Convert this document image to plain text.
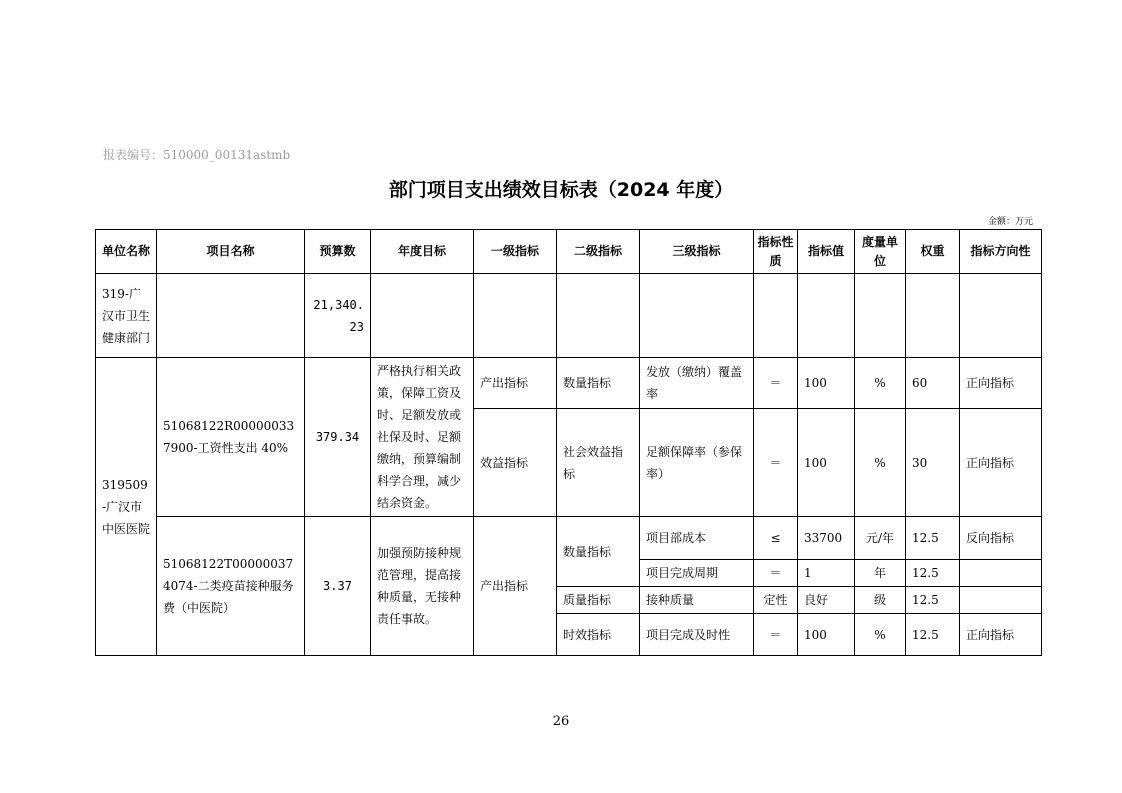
报表编号：510000_00131astmb
部门项目支出绩效目标表（2024 年度）
金额：万元
单位名称	项目名称	预算数	年度目标	一级指标	二级指标	三级指标	指标性质	指标值	度量单位	权重	指标方向性
319-广汉市卫生健康部门		21,340.23									
319509-广汉市中医医院	51068122R000000337900-工资性支出 40%	379.34	严格执行相关政策，保障工资及时、足额发放或社保及时、足额缴纳，预算编制科学合理，减少结余资金。	产出指标	数量指标	发放（缴纳）覆盖率	＝	100	%	60	正向指标
				效益指标	社会效益指标	足额保障率（参保率）	＝	100	%	30	正向指标
	51068122T000000374074-二类疫苗接种服务费（中医院）	3.37	加强预防接种规范管理，提高接种质量，无接种责任事故。	产出指标	数量指标	项目部成本	≤	33700	元/年	12.5	反向指标
						项目完成周期	＝	1	年	12.5	
					质量指标	接种质量	定性	良好	级	12.5	
					时效指标	项目完成及时性	＝	100	%	12.5	正向指标
26
